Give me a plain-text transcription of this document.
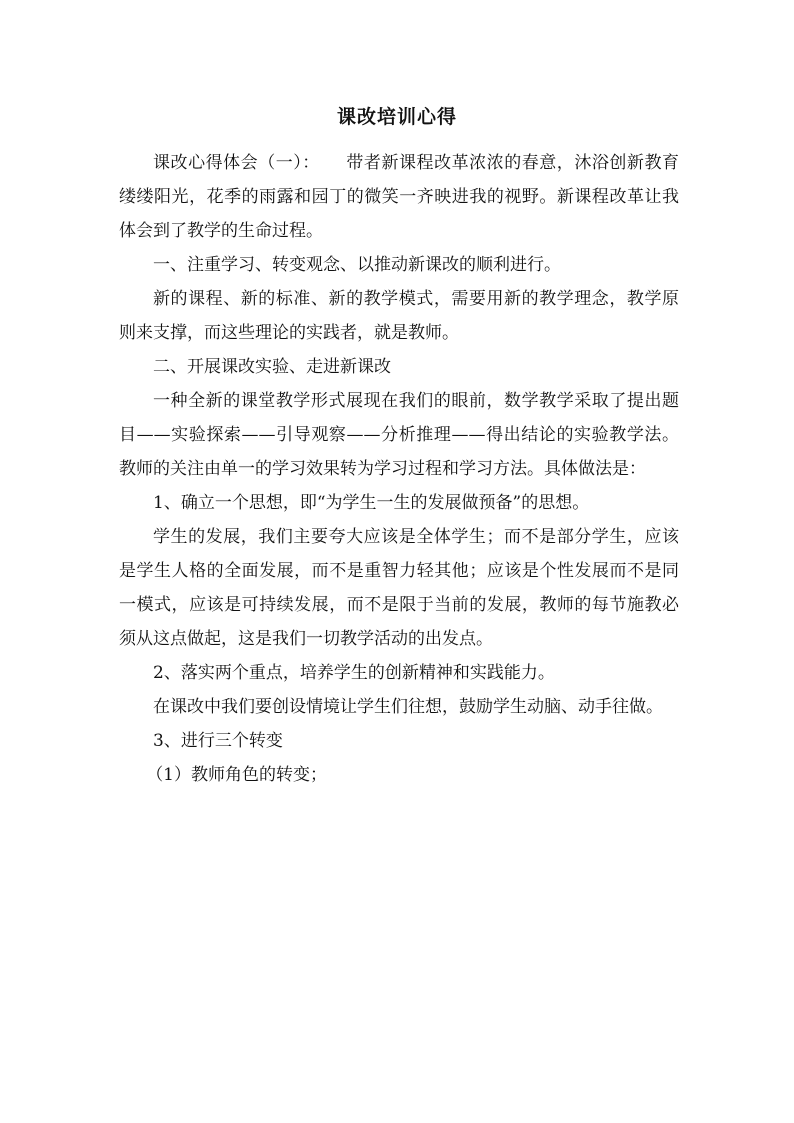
课改培训心得

课改心得体会（一）：　　带者新课程改革浓浓的春意，沐浴创新教育缕缕阳光，花季的雨露和园丁的微笑一齐映进我的视野。新课程改革让我体会到了教学的生命过程。

一、注重学习、转变观念、以推动新课改的顺利进行。

新的课程、新的标准、新的教学模式，需要用新的教学理念，教学原则来支撑，而这些理论的实践者，就是教师。

二、开展课改实验、走进新课改

一种全新的课堂教学形式展现在我们的眼前，数学教学采取了提出题目——实验探索——引导观察——分析推理——得出结论的实验教学法。教师的关注由单一的学习效果转为学习过程和学习方法。具体做法是：

1、确立一个思想，即“为学生一生的发展做预备”的思想。

学生的发展，我们主要夸大应该是全体学生；而不是部分学生，应该是学生人格的全面发展，而不是重智力轻其他；应该是个性发展而不是同一模式，应该是可持续发展，而不是限于当前的发展，教师的每节施教必须从这点做起，这是我们一切教学活动的出发点。

2、落实两个重点，培养学生的创新精神和实践能力。

在课改中我们要创设情境让学生们往想，鼓励学生动脑、动手往做。

3、进行三个转变

（1）教师角色的转变；
